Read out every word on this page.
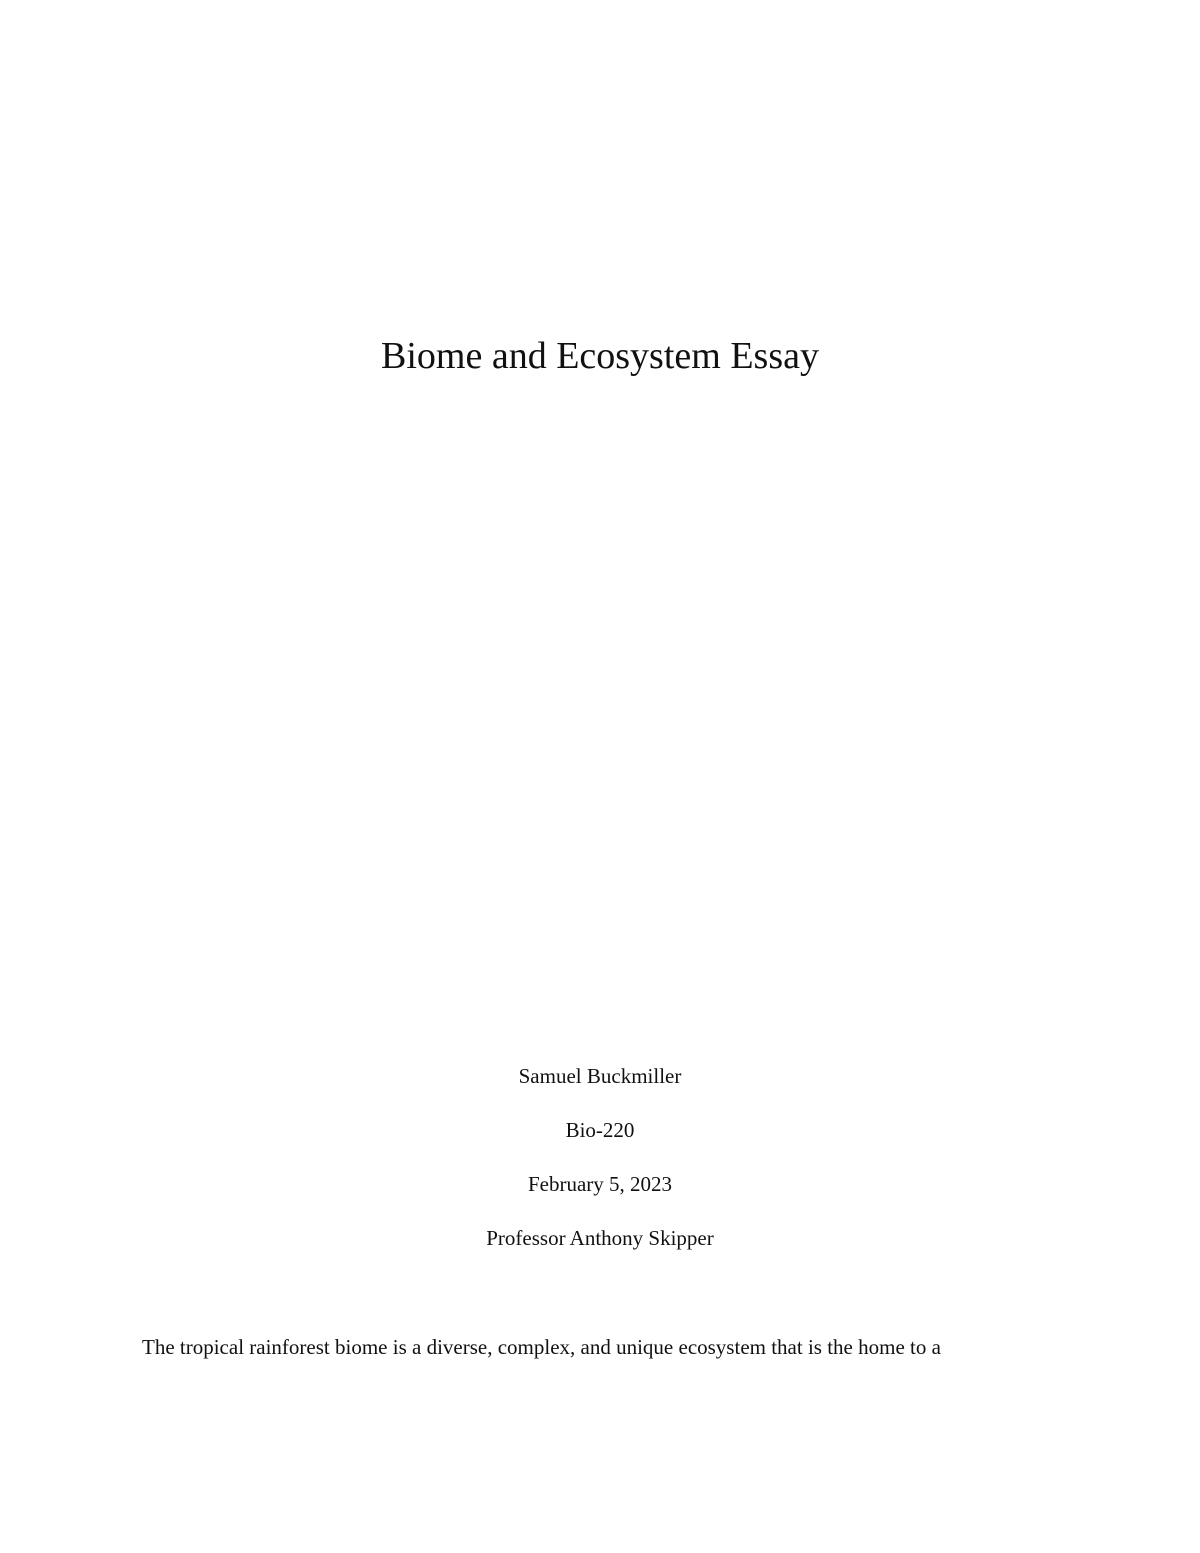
Biome and Ecosystem Essay
Samuel Buckmiller
Bio-220
February 5, 2023
Professor Anthony Skipper
The tropical rainforest biome is a diverse, complex, and unique ecosystem that is the home to a
